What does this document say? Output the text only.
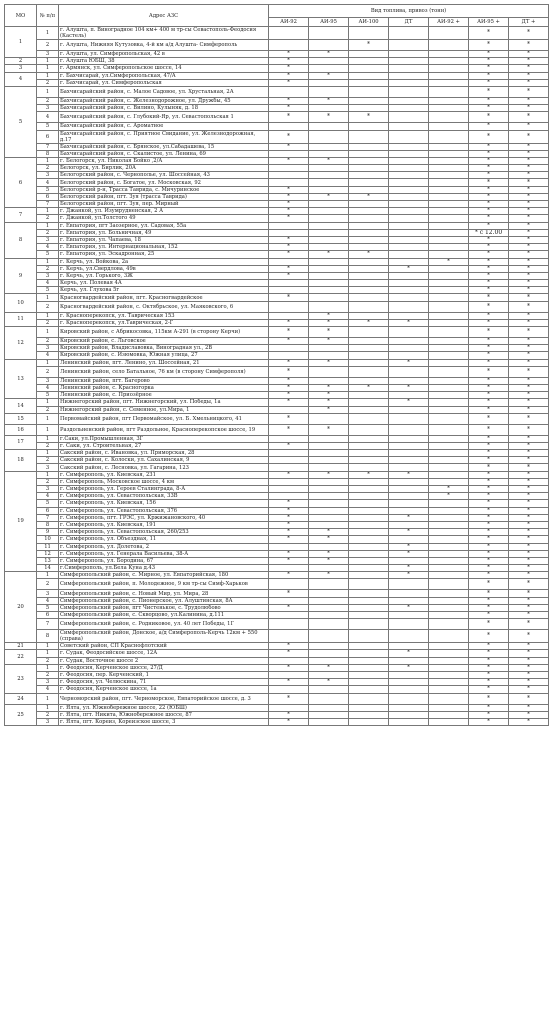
МО	№ п/п	Адрес АЗС	Вид топлива, привоз (тонн)						
			АИ-92	АИ-95	АИ-100	ДТ	АИ-92 +	АИ-95 +	ДТ +
1	1	г. Алушта, п. Виноградное 104 км+ 400 м тр-сы Севастополь-Феодосия (Кастель)						*	*
	2	г. Алушта, Нижняя Кутузовка, 4-й км а/д Алушта- Симферополь			*			*	*
	3	г. Алушта, ул. Симферопольская, 42 в	*	*				*	*
2	1	г. Алушта ЮБШ, 38	*					*	*
3	1	г. Армянск, ул. Симферопольское шоссе, 14	*					*	*
4	1	г. Бахчисарай, ул.Симферопольская, 47/А	*	*				*	*
	2	г. Бахчисарай, ул. Симферопольская	*					*	*
5	1	Бахчисарайский район, с. Малое Садовое, ул. Хрустальная, 2А						*	*
	2	Бахчисарайский район, с. Железнодорожное, ул. Дружбы, 45	*	*				*	*
	3	Бахчисарайский район, с. Вилино, Кулыняк, д. 18	*					*	*
	4	Бахчисарайский район, с. Глубокий-Яр, ул. Севастопольская 1	*	*	*			*	*
	5	Бахчисарайский район, с. Ароматное						*	*
	6	Бахчисарайский район, с. Приятное Свидание, ул. Железнодорожная, д.17	*					*	*
	7	Бахчисарайский район, с. Брянское, ул.Сабадашева, 15	*					*	*
	8	Бахчисарайский район, с. Скалистое, ул. Ленина, 69						*	*
6	1	г. Белогорск, ул. Николая Бойко ,2/А	*	*				*	*
	2	Белогорск, ул. Бирлик, 20А						*	*
	3	Белогорский район, с. Чернополье, ул. Шоссейная, 43						*	*
	4	Белогорский район, с. Богатое, ул. Московская, 92						*	*
	5	Белогорский р-н, Трасса Таврида, с. Мичуринское	*					*	*
	6	Белогорский район, пгт. Зуя (трасса Таврида)	*	*	*			*	*
	7	Белогорский район, пгт. Зуя, пер. Мирный	*					*	*
7	1	г. Джанкой, ул. Изумрудненская, 2 А	*					*	*
	2	г. Джанкой, ул.Толстого 49	*					*	*
8	1	г. Евпатория, пгт Заозерное, ул. Садовая, 55а						*	*
	2	г. Евпатория, ул. Больничная, 49						* с 12.00	*
	3	г. Евпатория, ул. Чапаева, 18	*					*	*
	4	г. Евпатория, ул. Интернациональная, 152	*					*	*
	5	г. Евпатория, ул. Эскадронная, 25	*	*	*			*	*
9	1	г. Керчь, ул. Войкова, 2а					*	*	*
	2	г. Керчь, ул.Свердлова, 49в	*			*		*	*
	3	г. Керчь, ул. Горького, 3Ж	*					*	*
	4	Керчь, ул. Полевая 4А						*	*
	5	Керчь, ул. Глухова 5г						*	*
10	1	Красногвардейский район, пгт. Красногвардейское	*					*	*
	2	Красногвардейский район, с. Октябрьское, ул. Маяковского, 6						*	*
11	1	г. Красноперекопск, ул. Таврическая 153		*				*	*
	2	г. Красноперекопск, ул.Таврическая, 2-Г	*	*	*	*		*	*
12	1	Кировский район, с Абрикосовка, 115км А-291 (в сторону Керчи)	*	*				*	*
	2	Кировский район, с. Льговское	*	*				*	*
	3	Кировский район, Владиславовка, Виноградная ул., 2В						*	*
	4	Кировский район, с. Изюмовка, Южная улица, 27						*	*
13	1	Ленинский район, пгт. Ленино, ул. Шоссейная, 21	*	*		*		*	*
	2	Ленинский район, село Батальное, 76 км (в сторону Симферополя)	*					*	*
	3	Ленинский район, пгт. Багерово	*					*	*
	4	Ленинский район, с. Красногорка	*	*	*	*		*	*
	5	Ленинский район, с. Приозёрное	*	*				*	*
14	1	Нижнегорский район, пгт. Нижнегорский, ул. Победы, 1а	*	*		*		*	*
	2	Нижнегорский район, с. Семенное, ул.Мира, 1		*				*	*
15	1	Первомайский район, пгт Первомайское, ул. Б. Хмельницкого, 41	*					*	*
16	1	Раздольненский район, пгт Раздольное, Краснoперекопское шоссе, 19	*	*				*	*
17	1	г.Саки, ул.Промышленная, 3Г						*	*
	2	г. Саки, ул. Строительная, 27	*					*	*
18	1	Сакский район, с. Ивановка, ул. Приморская, 28						*	*
	2	Сакский район, с. Колоски, ул. Сахалинская, 9						*	*
	3	Сакский район, с. Лесновка, ул. Гагарина, 123						*	*
19	1	г. Симферополь, ул. Киевская, 231	*	*	*	*		*	*
	2	г. Симферополь, Московское шоссе, 4 км						*	*
	3	г. Симферополь, ул. Героев Сталинграда, 8-А					*	*	*
	4	г. Симферополь, ул. Севастопольская, 33В					*	*	*
	5	г. Симферополь, ул. Киевская, 156	*					*	*
	6	г. Симферополь, ул. Севастопольская, 376	*					*	*
	7	г. Симферополь, пгт. ГРЭС, ул. Кржижановского, 40	*			*		*	*
	8	г. Симферополь, ул. Киевская, 191	*					*	*
	9	г. Симферополь, ул. Севастопольская, 260/253	*	*		*		*	*
	10	г. Симферополь, ул. Объездная, 11	*	*				*	*
	11	г. Симферополь, ул. Долетова, 2				*		*	*
	12	г. Симферополь, ул. Генерала Васильева, 38-А	*	*		*		*	*
	13	г. Симферополь, ул. Бородина, 67	*	*				*	*
	14	г.Симферополь, ул.Бела Куна д.43				*		*	*
20	1	Симферопольский район, с. Мирное, ул. Евпаторийская, 180	*	*		*		*	*
	2	Симферопольский район, п. Молодежное, 9 км тр-сы Симф-Харьков						*	*
	3	Симферопольский район, с. Новый Мир, ул. Мира, 28	*					*	*
	4	Симферопольский район, с. Пионерское, ул. Алуштинская, 8А						*	*
	5	Симферопольский район, пгт Чистенькое, с. Трудолюбово	*			*		*	*
	6	Симферопольский район, с. Скворцово, ул.Калинина, д.111						*	*
	7	Симферопольский район, с. Родниковое, ул. 40 лет Победы, 1Г						*	*
	8	Симферопольский район, Донское, а/д Симферополь-Керчь 12км + 550 (справа)						*	*
21	1	Советский район, СП Краснофлотский	*					*	*
22	1	г. Судак, Феодосийское шоссе, 12А	*			*		*	*
	2	г. Судак, Восточное шоссе 2						*	*
23	1	г. Феодосия, Керченское шоссе, 27/Д	*	*		*		*	*
	2	г. Феодосия, пер. Керченский, 1						*	*
	3	г. Феодосия, ул. Челюскина, 71	*	*				*	*
	4	г. Феодосия, Керченское шоссе, 1а						*	*
24	1	Черноморский район, пгт. Черноморское, Евпаторийское шоссе, д. 3	*					*	*
25	1	г. Ялта, ул. Южнобережное шоссе, 22 (ЮБШ)						*	*
	2	г. Ялта, пгт. Никита, Южнобережное шоссе, 87	*					*	*
	3	г. Ялта, пгт. Кореиз, Кореизское шоссе, 3	*					*	*
